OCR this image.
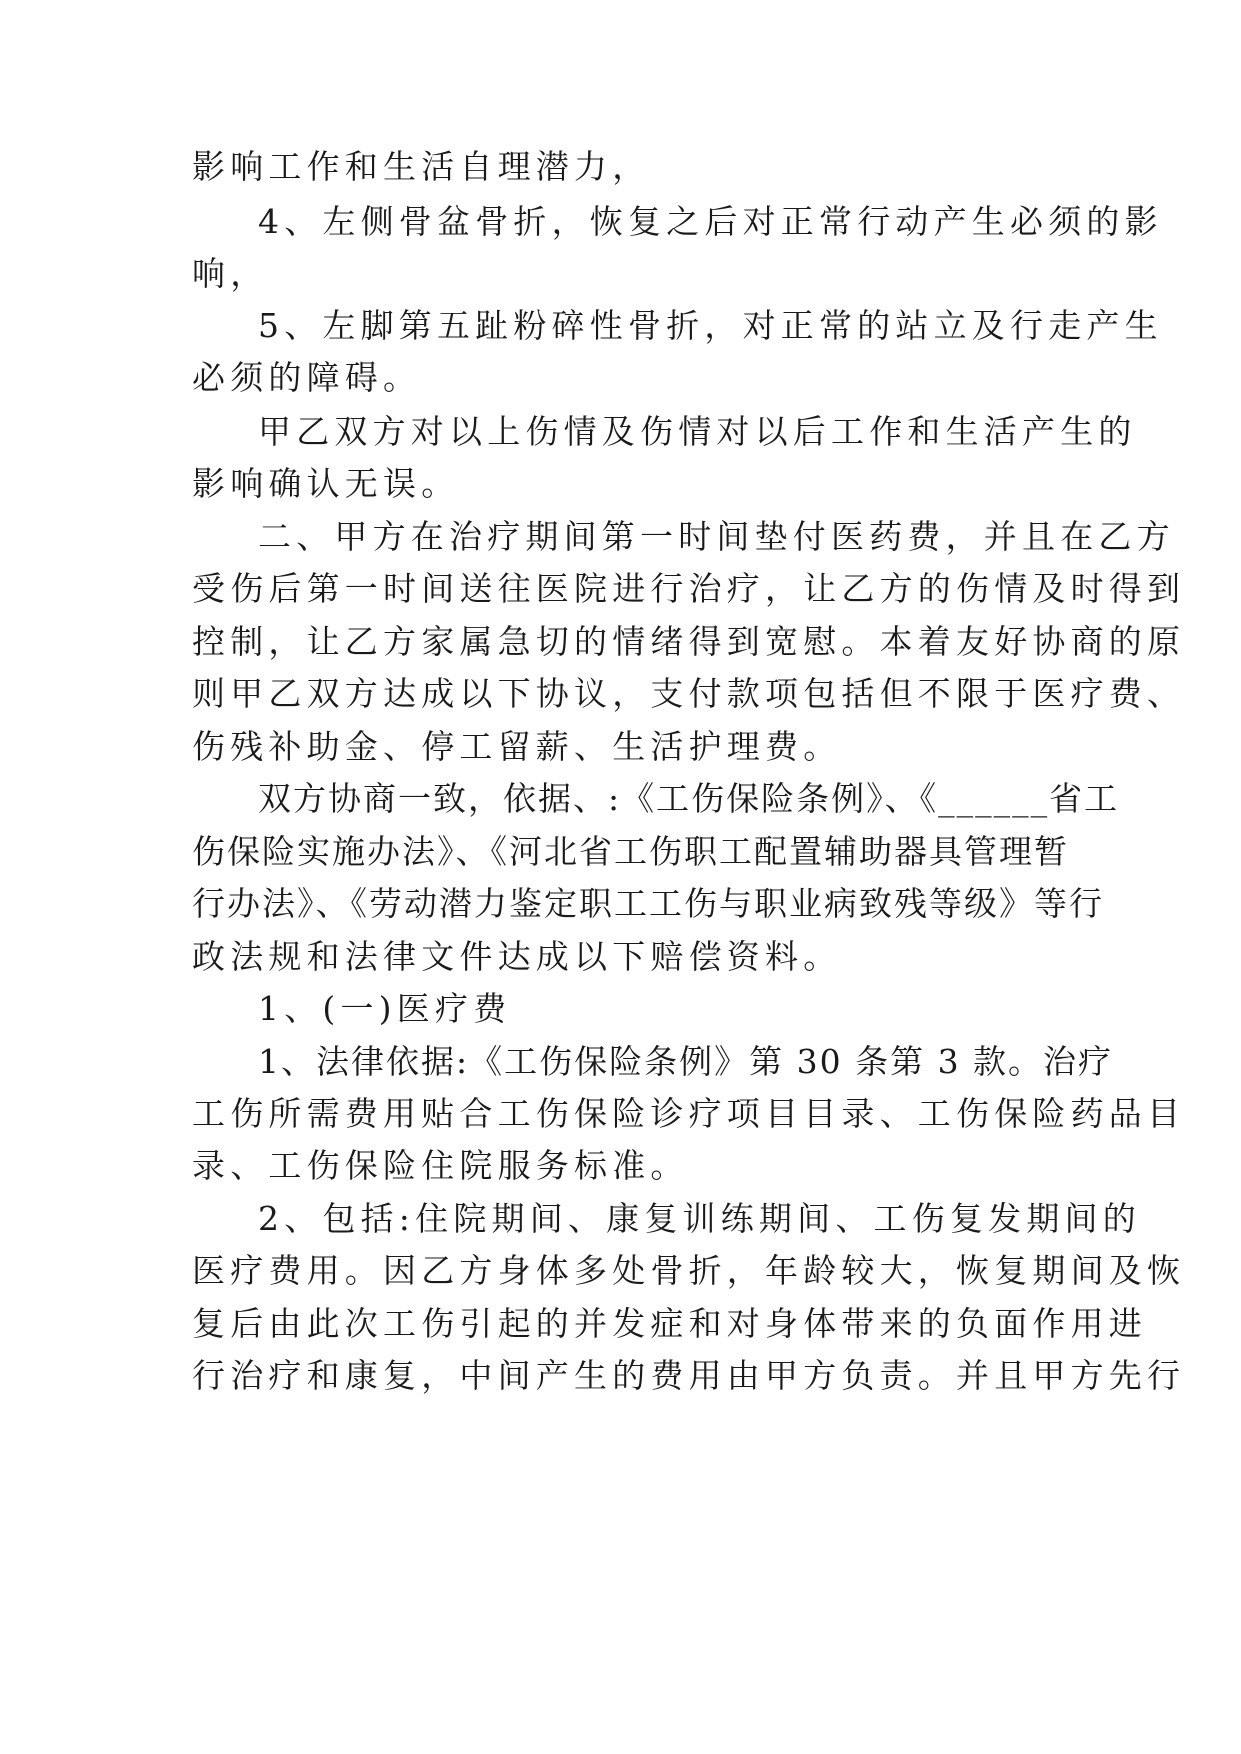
影响工作和生活自理潜力，
4、左侧骨盆骨折，恢复之后对正常行动产生必须的影
响，
5、左脚第五趾粉碎性骨折，对正常的站立及行走产生
必须的障碍。
甲乙双方对以上伤情及伤情对以后工作和生活产生的
影响确认无误。
二、甲方在治疗期间第一时间垫付医药费，并且在乙方
受伤后第一时间送往医院进行治疗，让乙方的伤情及时得到
控制，让乙方家属急切的情绪得到宽慰。本着友好协商的原
则甲乙双方达成以下协议，支付款项包括但不限于医疗费、
伤残补助金、停工留薪、生活护理费。
双方协商一致，依据、:《工伤保险条例》、《______省工
伤保险实施办法》、《河北省工伤职工配置辅助器具管理暂
行办法》、《劳动潜力鉴定职工工伤与职业病致残等级》等行
政法规和法律文件达成以下赔偿资料。
1、(一)医疗费
1、法律依据:《工伤保险条例》第 30 条第 3 款。治疗
工伤所需费用贴合工伤保险诊疗项目目录、工伤保险药品目
录、工伤保险住院服务标准。
2、包括:住院期间、康复训练期间、工伤复发期间的
医疗费用。因乙方身体多处骨折，年龄较大，恢复期间及恢
复后由此次工伤引起的并发症和对身体带来的负面作用进
行治疗和康复，中间产生的费用由甲方负责。并且甲方先行
